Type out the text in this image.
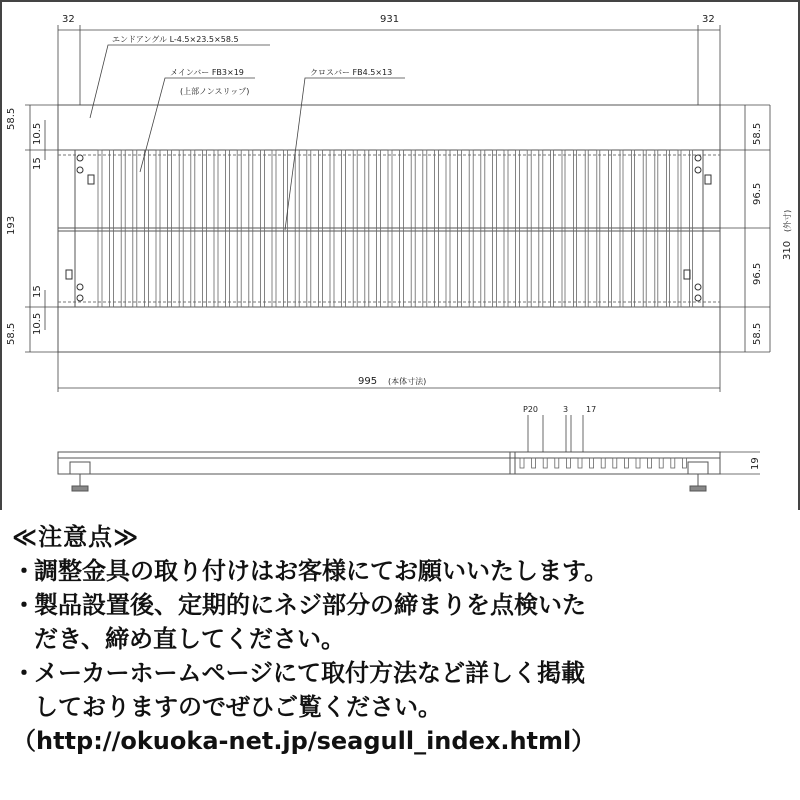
32	931	32
エンドアングル L-4.5×23.5×58.5
メインバー FB3×19
(上部ノンスリップ)
クロスバー FB4.5×13
58.5
10.5
15
193
15
10.5
58.5
58.5
96.5
310
(外寸)
96.5
58.5
995 (本体寸法)
P20	3 17
19
≪注意点≫
・調整金具の取り付けはお客様にてお願いいたします。
・製品設置後、定期的にネジ部分の締まりを点検いた
だき、締め直してください。
・メーカーホームページにて取付方法など詳しく掲載
しておりますのでぜひご覧ください。
（http://okuoka-net.jp/seagull_index.html）
